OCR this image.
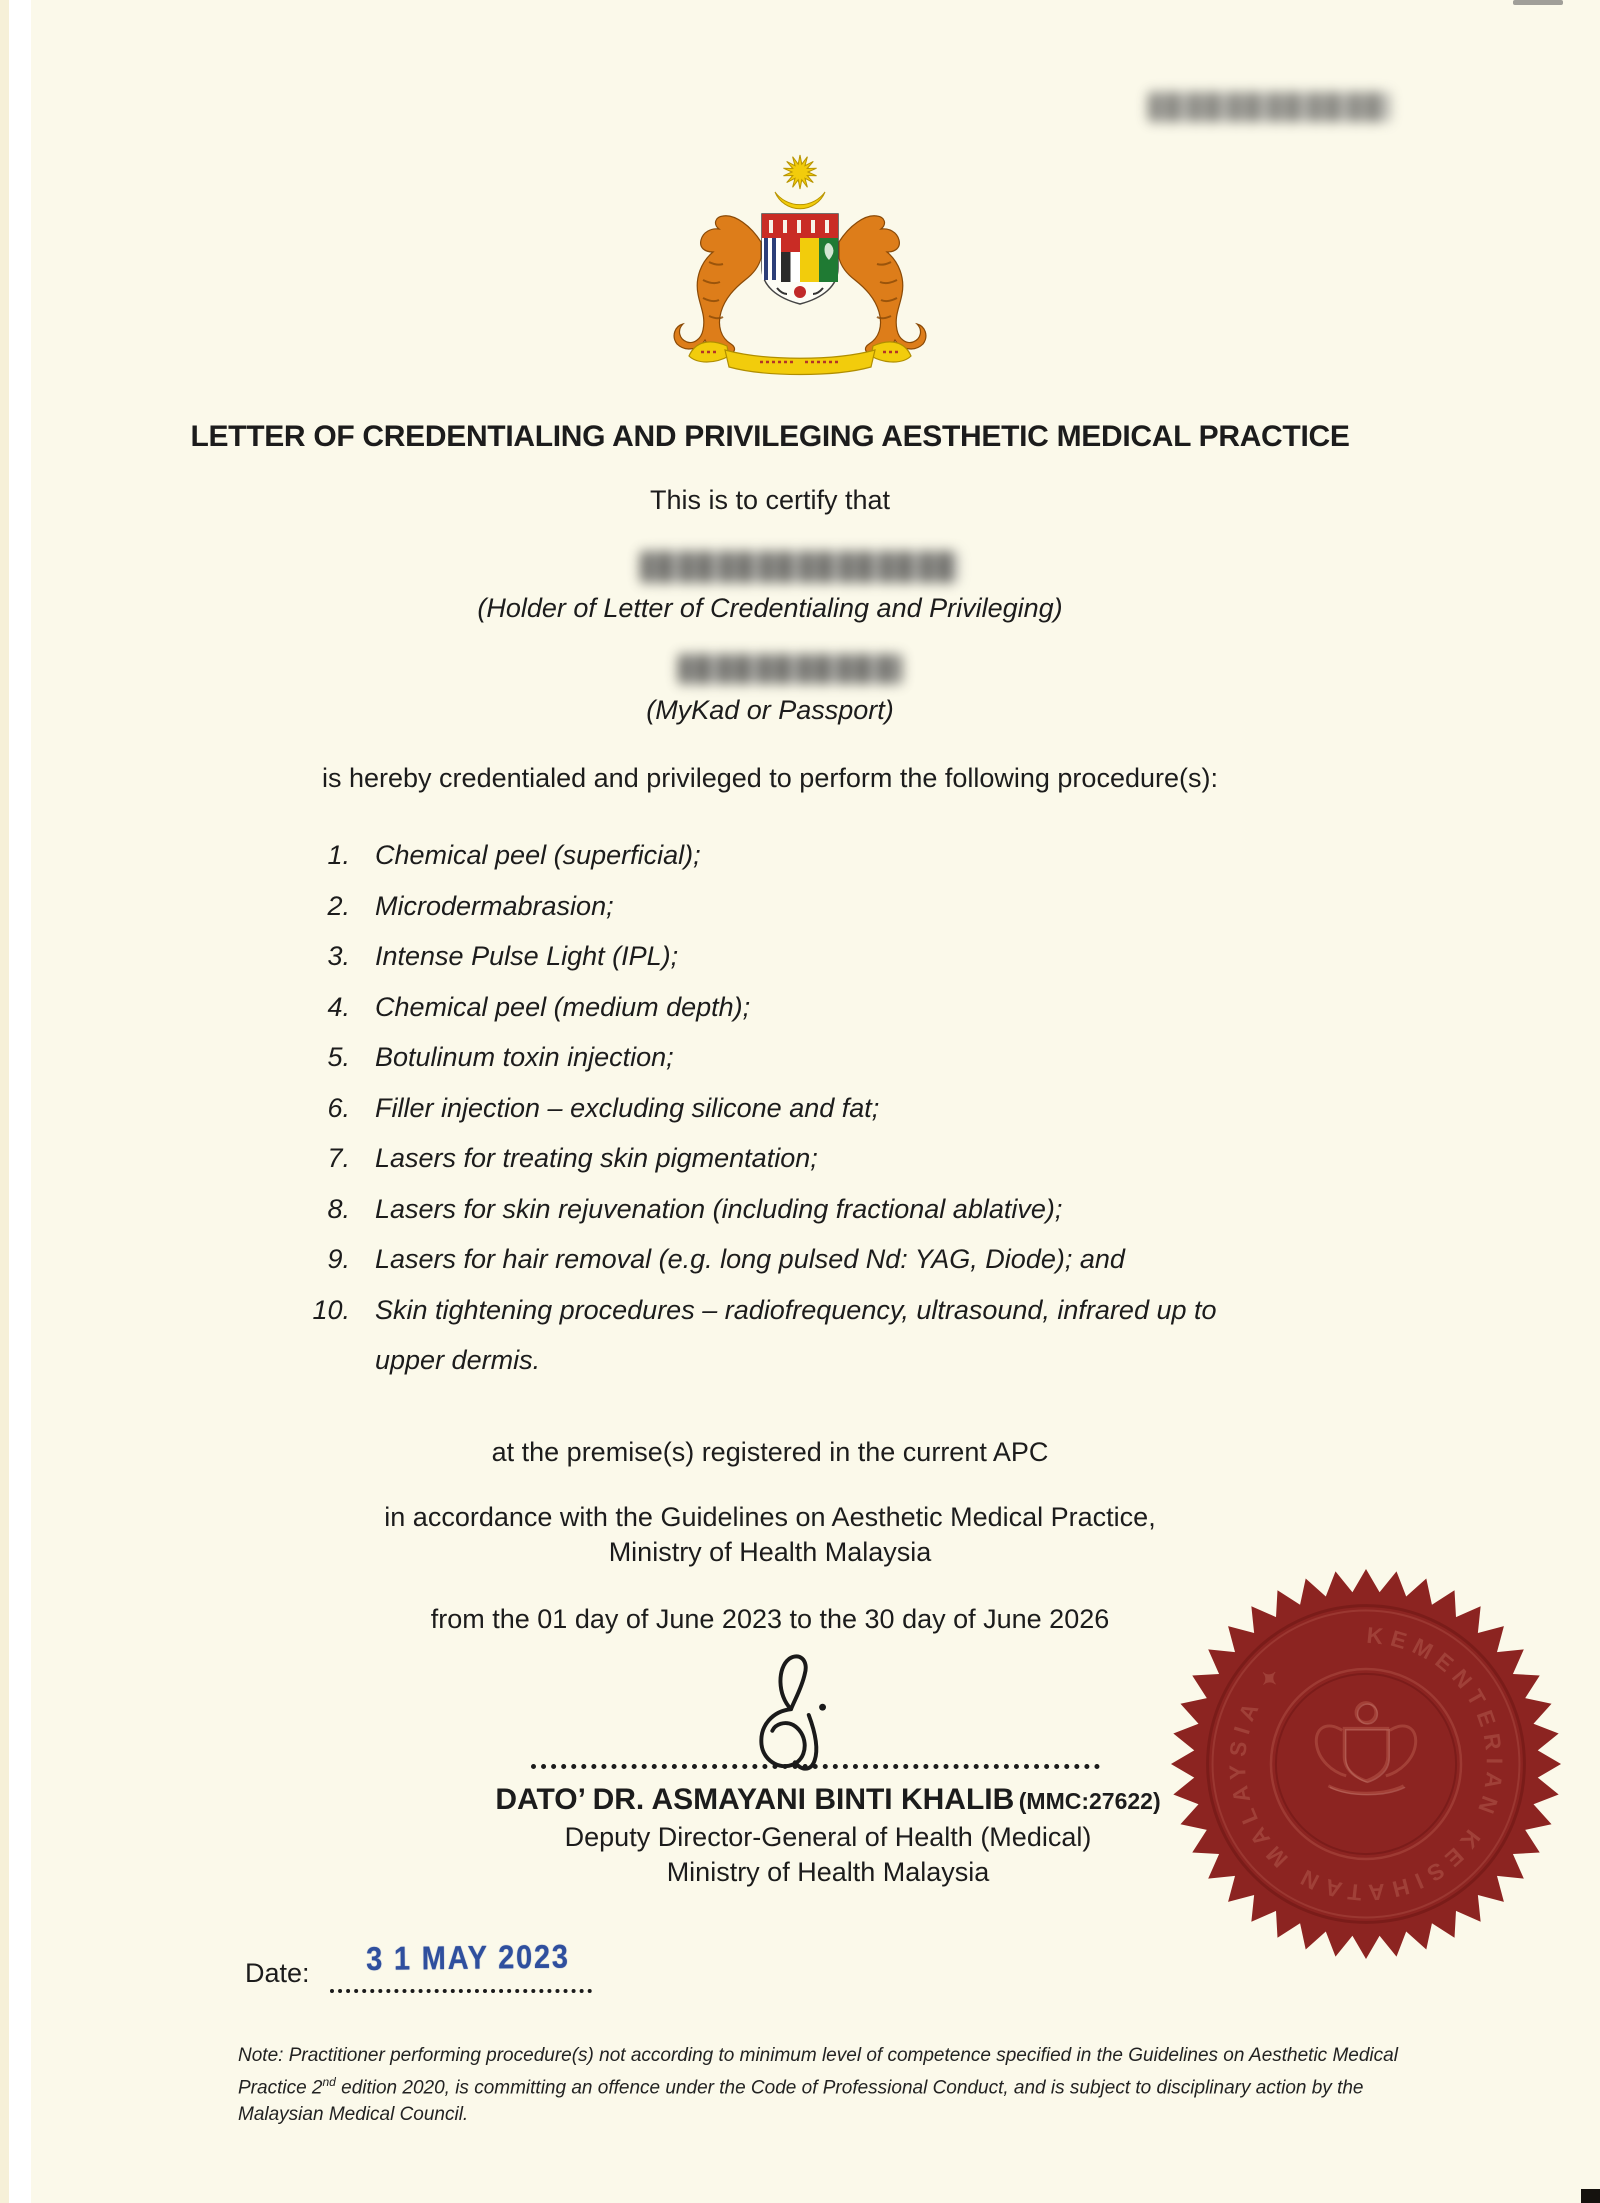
LETTER OF CREDENTIALING AND PRIVILEGING AESTHETIC MEDICAL PRACTICE
This is to certify that
(Holder of Letter of Credentialing and Privileging)
(MyKad or Passport)
is hereby credentialed and privileged to perform the following procedure(s):
1. Chemical peel (superficial);
2. Microdermabrasion;
3. Intense Pulse Light (IPL);
4. Chemical peel (medium depth);
5. Botulinum toxin injection;
6. Filler injection – excluding silicone and fat;
7. Lasers for treating skin pigmentation;
8. Lasers for skin rejuvenation (including fractional ablative);
9. Lasers for hair removal (e.g. long pulsed Nd: YAG, Diode); and
10. Skin tightening procedures – radiofrequency, ultrasound, infrared up to upper dermis.
at the premise(s) registered in the current APC
in accordance with the Guidelines on Aesthetic Medical Practice,
Ministry of Health Malaysia
from the 01 day of June 2023 to the 30 day of June 2026
DATO’ DR. ASMAYANI BINTI KHALIB (MMC:27622)
Deputy Director-General of Health (Medical)
Ministry of Health Malaysia
KEMENTERIAN KESIHATAN MALAYSIA ✦
Date: 3 1 MAY 2023
Note: Practitioner performing procedure(s) not according to minimum level of competence specified in the Guidelines on Aesthetic Medical Practice 2nd edition 2020, is committing an offence under the Code of Professional Conduct, and is subject to disciplinary action by the Malaysian Medical Council.
